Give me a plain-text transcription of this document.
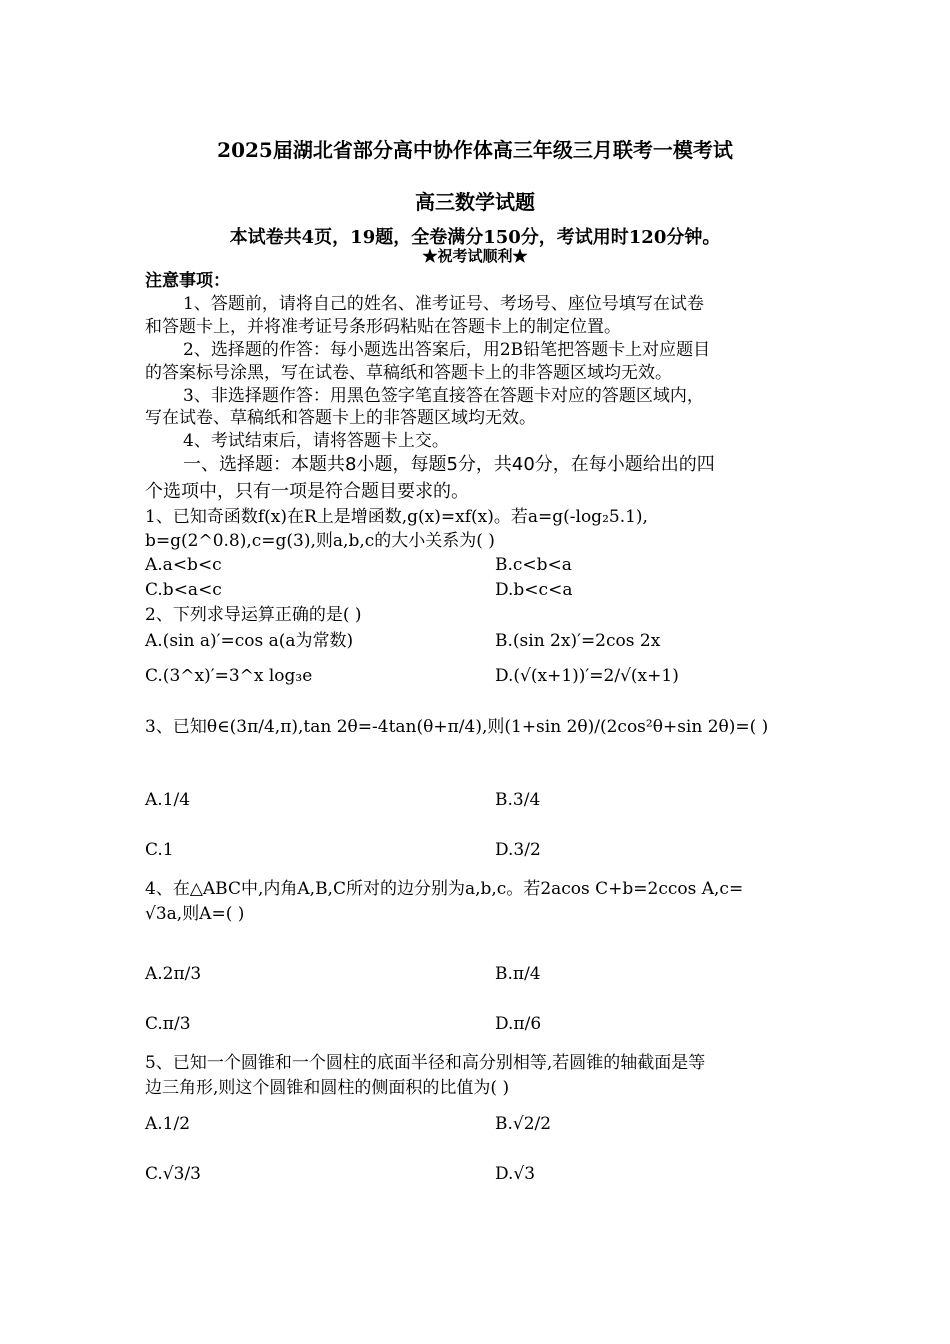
2025届湖北省部分高中协作体高三年级三月联考一模考试
高三数学试题
本试卷共4页，19题，全卷满分150分，考试用时120分钟。
★祝考试顺利★
注意事项：
1、答题前，请将自己的姓名、准考证号、考场号、座位号填写在试卷
和答题卡上，并将准考证号条形码粘贴在答题卡上的制定位置。
2、选择题的作答：每小题选出答案后，用2B铅笔把答题卡上对应题目
的答案标号涂黑，写在试卷、草稿纸和答题卡上的非答题区域均无效。
3、非选择题作答：用黑色签字笔直接答在答题卡对应的答题区域内，
写在试卷、草稿纸和答题卡上的非答题区域均无效。
4、考试结束后，请将答题卡上交。
一、选择题：本题共8小题，每题5分，共40分，在每小题给出的四
个选项中，只有一项是符合题目要求的。
1、已知奇函数f(x)在R上是增函数,g(x)=xf(x)。若a=g(-log₂5.1),
b=g(2^0.8),c=g(3),则a,b,c的大小关系为( )
A.a<b<c	B.c<b<a
C.b<a<c	D.b<c<a
2、下列求导运算正确的是( )
A.(sin a)′=cos a(a为常数)	B.(sin 2x)′=2cos 2x
C.(3^x)′=3^x log₃e	D.(√(x+1))′=2/√(x+1)
3、已知θ∈(3π/4,π),tan 2θ=-4tan(θ+π/4),则(1+sin 2θ)/(2cos²θ+sin 2θ)=( )
A.1/4	B.3/4
C.1	D.3/2
4、在△ABC中,内角A,B,C所对的边分别为a,b,c。若2acos C+b=2ccos A,c=
√3a,则A=( )
A.2π/3	B.π/4
C.π/3	D.π/6
5、已知一个圆锥和一个圆柱的底面半径和高分别相等,若圆锥的轴截面是等
边三角形,则这个圆锥和圆柱的侧面积的比值为( )
A.1/2	B.√2/2
C.√3/3	D.√3
